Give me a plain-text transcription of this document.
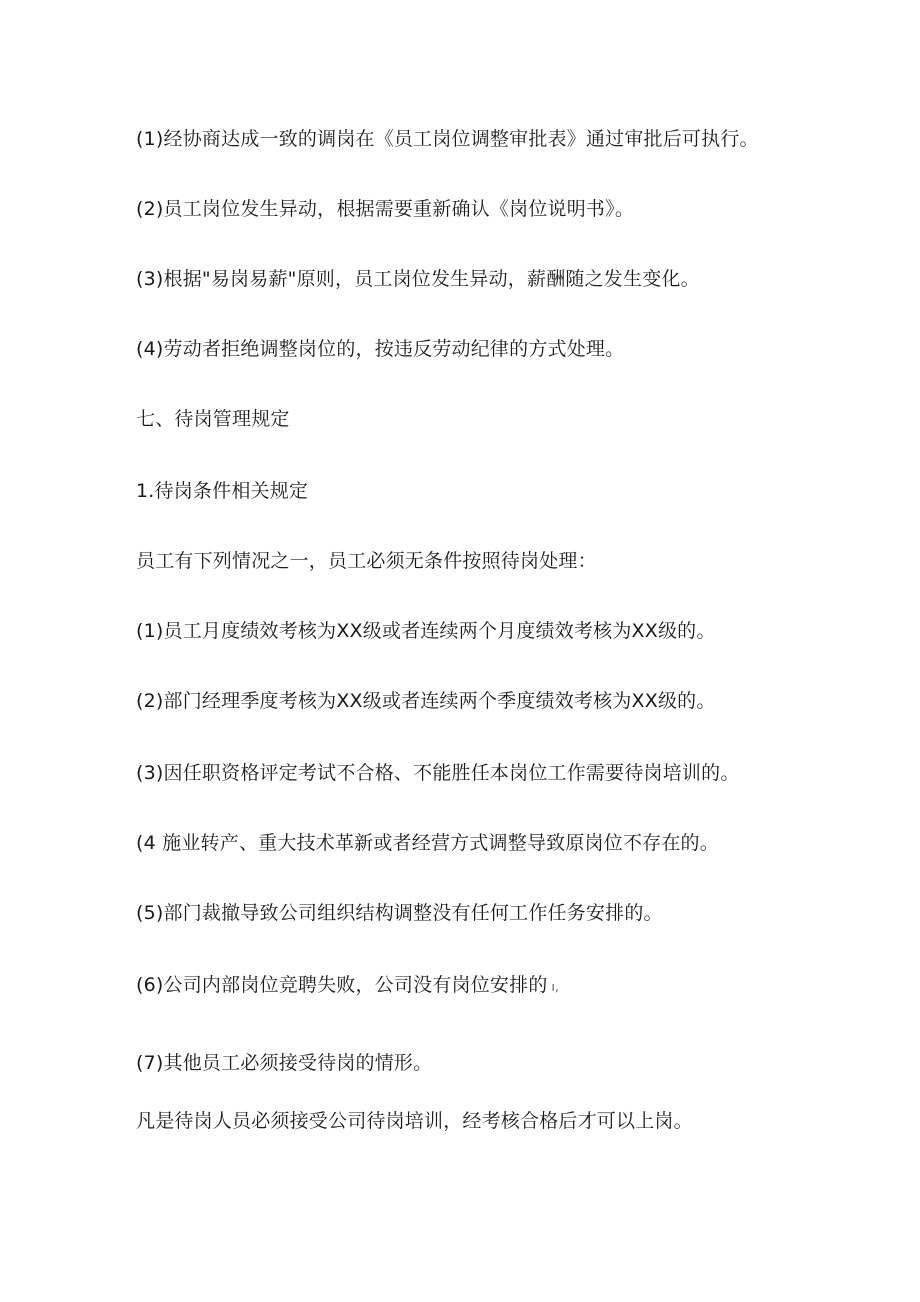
(1)经协商达成一致的调岗在《员工岗位调整审批表》通过审批后可执行。
(2)员工岗位发生异动，根据需要重新确认《岗位说明书》。
(3)根据"易岗易薪"原则，员工岗位发生异动，薪酬随之发生变化。
(4)劳动者拒绝调整岗位的，按违反劳动纪律的方式处理。
七、待岗管理规定
1.待岗条件相关规定
员工有下列情况之一，员工必须无条件按照待岗处理：
(1)员工月度绩效考核为XX级或者连续两个月度绩效考核为XX级的。
(2)部门经理季度考核为XX级或者连续两个季度绩效考核为XX级的。
(3)因任职资格评定考试不合格、不能胜任本岗位工作需要待岗培训的。
(4 施业转产、重大技术革新或者经营方式调整导致原岗位不存在的。
(5)部门裁撤导致公司组织结构调整没有任何工作任务安排的。
(6)公司内部岗位竞聘失败，公司没有岗位安排的 ı,
(7)其他员工必须接受待岗的情形。
凡是待岗人员必须接受公司待岗培训，经考核合格后才可以上岗。
